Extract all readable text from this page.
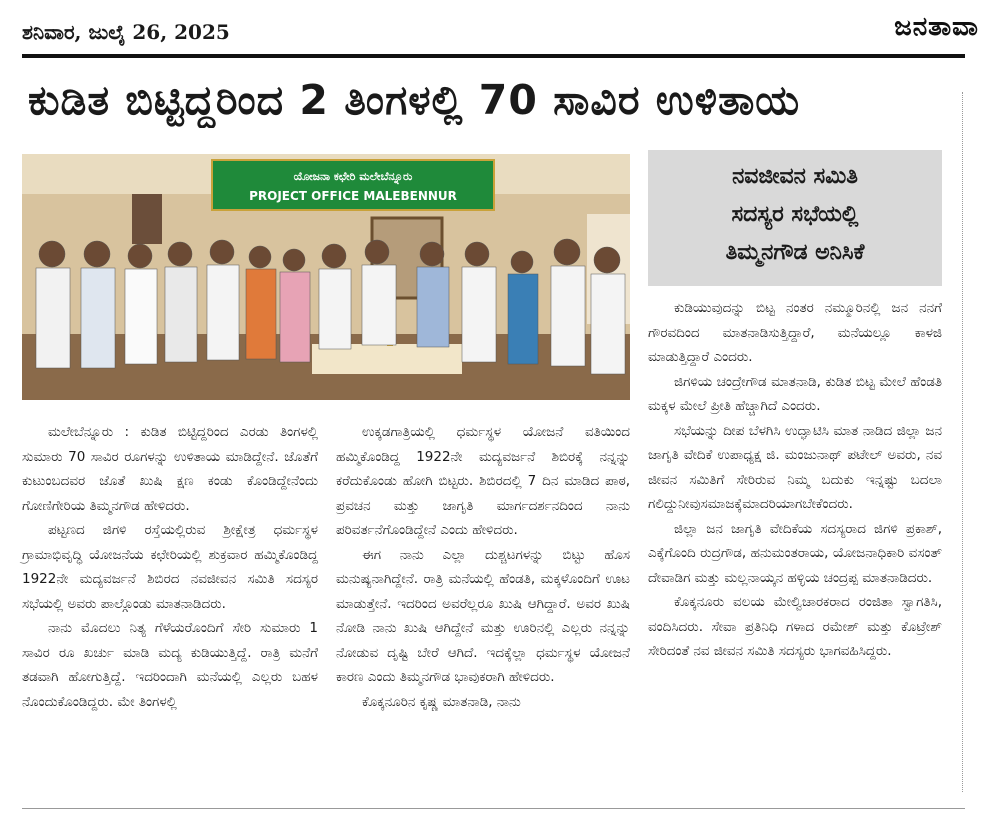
ಶನಿವಾರ, ಜುಲೈ 26, 2025	ಜನತಾವಾ
ಕುಡಿತ ಬಿಟ್ಟಿದ್ದರಿಂದ 2 ತಿಂಗಳಲ್ಲಿ 70 ಸಾವಿರ ಉಳಿತಾಯ
ಯೋಜನಾ ಕಛೇರಿ ಮಲೇಬೆನ್ನೂರು
PROJECT OFFICE MALEBENNUR
ನವಜೀವನ ಸಮಿತಿ
ಸದಸ್ಯರ ಸಭೆಯಲ್ಲಿ
ತಿಮ್ಮನಗೌಡ ಅನಿಸಿಕೆ

ಮಲೇಬೆನ್ನೂರು : ಕುಡಿತ ಬಿಟ್ಟಿದ್ದರಿಂದ ಎರಡು ತಿಂಗಳಲ್ಲಿ ಸುಮಾರು 70 ಸಾವಿರ ರೂಗಳನ್ನು ಉಳಿತಾಯ ಮಾಡಿದ್ದೇನೆ. ಜೊತೆಗೆ ಕುಟುಂಬದವರ ಜೊತೆ ಖುಷಿ ಕ್ಷಣ ಕಂಡು ಕೊಂಡಿದ್ದೇನೆಂದು ಗೋಣಿಗೇರಿಯ ತಿಮ್ಮನಗೌಡ ಹೇಳಿದರು.

ಪಟ್ಟಣದ ಜಿಗಳಿ ರಸ್ತೆಯಲ್ಲಿರುವ ಶ್ರೀಕ್ಷೇತ್ರ ಧರ್ಮಸ್ಥಳ ಗ್ರಾಮಾಭಿವೃದ್ಧಿ ಯೋಜನೆಯ ಕಛೇರಿಯಲ್ಲಿ ಶುಕ್ರವಾರ ಹಮ್ಮಿಕೊಂಡಿದ್ದ 1922ನೇ ಮದ್ಯವರ್ಜನೆ ಶಿಬಿರದ ನವಜೀವನ ಸಮಿತಿ ಸದಸ್ಯರ ಸಭೆಯಲ್ಲಿ ಅವರು ಪಾಲ್ಗೊಂಡು ಮಾತನಾಡಿದರು.

ನಾನು ಮೊದಲು ನಿತ್ಯ ಗೆಳೆಯರೊಂದಿಗೆ ಸೇರಿ ಸುಮಾರು 1 ಸಾವಿರ ರೂ ಖರ್ಚು ಮಾಡಿ ಮದ್ಯ ಕುಡಿಯುತ್ತಿದ್ದೆ. ರಾತ್ರಿ ಮನೆಗೆ ತಡವಾಗಿ ಹೋಗುತ್ತಿದ್ದೆ. ಇದರಿಂದಾಗಿ ಮನೆಯಲ್ಲಿ ಎಲ್ಲರು ಬಹಳ ನೊಂದುಕೊಂಡಿದ್ದರು. ಮೇ ತಿಂಗಳಲ್ಲಿ

ಉಕ್ಕಡಗಾತ್ರಿಯಲ್ಲಿ ಧರ್ಮಸ್ಥಳ ಯೋಜನೆ ವತಿಯಿಂದ ಹಮ್ಮಿಕೊಂಡಿದ್ದ 1922ನೇ ಮದ್ಯವರ್ಜನೆ ಶಿಬಿರಕ್ಕೆ ನನ್ನನ್ನು ಕರೆದುಕೊಂಡು ಹೋಗಿ ಬಿಟ್ಟರು. ಶಿಬಿರದಲ್ಲಿ 7 ದಿನ ಮಾಡಿದ ಪಾಠ, ಪ್ರವಚನ ಮತ್ತು ಜಾಗೃತಿ ಮಾರ್ಗದರ್ಶನದಿಂದ ನಾನು ಪರಿವರ್ತನೆಗೊಂಡಿದ್ದೇನೆ ಎಂದು ಹೇಳಿದರು.

ಈಗ ನಾನು ಎಲ್ಲಾ ದುಶ್ಚಟಗಳನ್ನು ಬಿಟ್ಟು ಹೊಸ ಮನುಷ್ಯನಾಗಿದ್ದೇನೆ. ರಾತ್ರಿ ಮನೆಯಲ್ಲಿ ಹೆಂಡತಿ, ಮಕ್ಕಳೊಂದಿಗೆ ಊಟ ಮಾಡುತ್ತೇನೆ. ಇದರಿಂದ ಅವರೆಲ್ಲರೂ ಖುಷಿ ಆಗಿದ್ದಾರೆ. ಅವರ ಖುಷಿ ನೋಡಿ ನಾನು ಖುಷಿ ಆಗಿದ್ದೇನೆ ಮತ್ತು ಊರಿನಲ್ಲಿ ಎಲ್ಲರು ನನ್ನನ್ನು ನೋಡುವ ದೃಷ್ಟಿ ಬೇರೆ ಆಗಿದೆ. ಇದಕ್ಕೆಲ್ಲಾ ಧರ್ಮಸ್ಥಳ ಯೋಜನೆ ಕಾರಣ ಎಂದು ತಿಮ್ಮನಗೌಡ ಭಾವುಕರಾಗಿ ಹೇಳಿದರು.

ಕೊಕ್ಕನೂರಿನ ಕೃಷ್ಣ ಮಾತನಾಡಿ, ನಾನು

ಕುಡಿಯುವುದನ್ನು ಬಿಟ್ಟ ನಂತರ ನಮ್ಮೂರಿನಲ್ಲಿ ಜನ ನನಗೆ ಗೌರವದಿಂದ ಮಾತನಾಡಿಸುತ್ತಿದ್ದಾರೆ, ಮನೆಯಲ್ಲೂ ಕಾಳಜಿ ಮಾಡುತ್ತಿದ್ದಾರೆ ಎಂದರು.

ಜಿಗಳಿಯ ಚಂದ್ರೇಗೌಡ ಮಾತನಾಡಿ, ಕುಡಿತ ಬಿಟ್ಟ ಮೇಲೆ ಹೆಂಡತಿ ಮಕ್ಕಳ ಮೇಲೆ ಪ್ರೀತಿ ಹೆಚ್ಚಾಗಿದೆ ಎಂದರು.

ಸಭೆಯನ್ನು ದೀಪ ಬೆಳಗಿಸಿ ಉದ್ಘಾಟಿಸಿ ಮಾತ ನಾಡಿದ ಜಿಲ್ಲಾ ಜನ ಜಾಗೃತಿ ವೇದಿಕೆ ಉಪಾಧ್ಯಕ್ಷ ಜಿ. ಮಂಜುನಾಥ್ ಪಟೇಲ್ ಅವರು, ನವ ಜೀವನ ಸಮಿತಿಗೆ ಸೇರಿರುವ ನಿಮ್ಮ ಬದುಕು ಇನ್ನಷ್ಟು ಬದಲಾ ಗಲಿದ್ದುನೀವುಸಮಾಜಕ್ಕೆಮಾದರಿಯಾಗಬೇಕೆಂದರು.

ಜಿಲ್ಲಾ ಜನ ಜಾಗೃತಿ ವೇದಿಕೆಯ ಸದಸ್ಯರಾದ ಜಿಗಳಿ ಪ್ರಕಾಶ್, ಎಕ್ಕೆಗೊಂದಿ ರುದ್ರಗೌಡ, ಹನುಮಂತರಾಯ, ಯೋಜನಾಧಿಕಾರಿ ವಸಂತ್ ದೇವಾಡಿಗ ಮತ್ತು ಮಲ್ಲನಾಯ್ಕನ ಹಳ್ಳಿಯ ಚಂದ್ರಪ್ಪ ಮಾತನಾಡಿದರು.

ಕೊಕ್ಕನೂರು ವಲಯ ಮೇಲ್ವಿಚಾರಕರಾದ ರಂಜಿತಾ ಸ್ವಾಗತಿಸಿ, ವಂದಿಸಿದರು. ಸೇವಾ ಪ್ರತಿನಿಧಿ ಗಳಾದ ರಮೇಶ್ ಮತ್ತು ಕೊಟ್ರೇಶ್ ಸೇರಿದಂತೆ ನವ ಜೀವನ ಸಮಿತಿ ಸದಸ್ಯರು ಭಾಗವಹಿಸಿದ್ದರು.
